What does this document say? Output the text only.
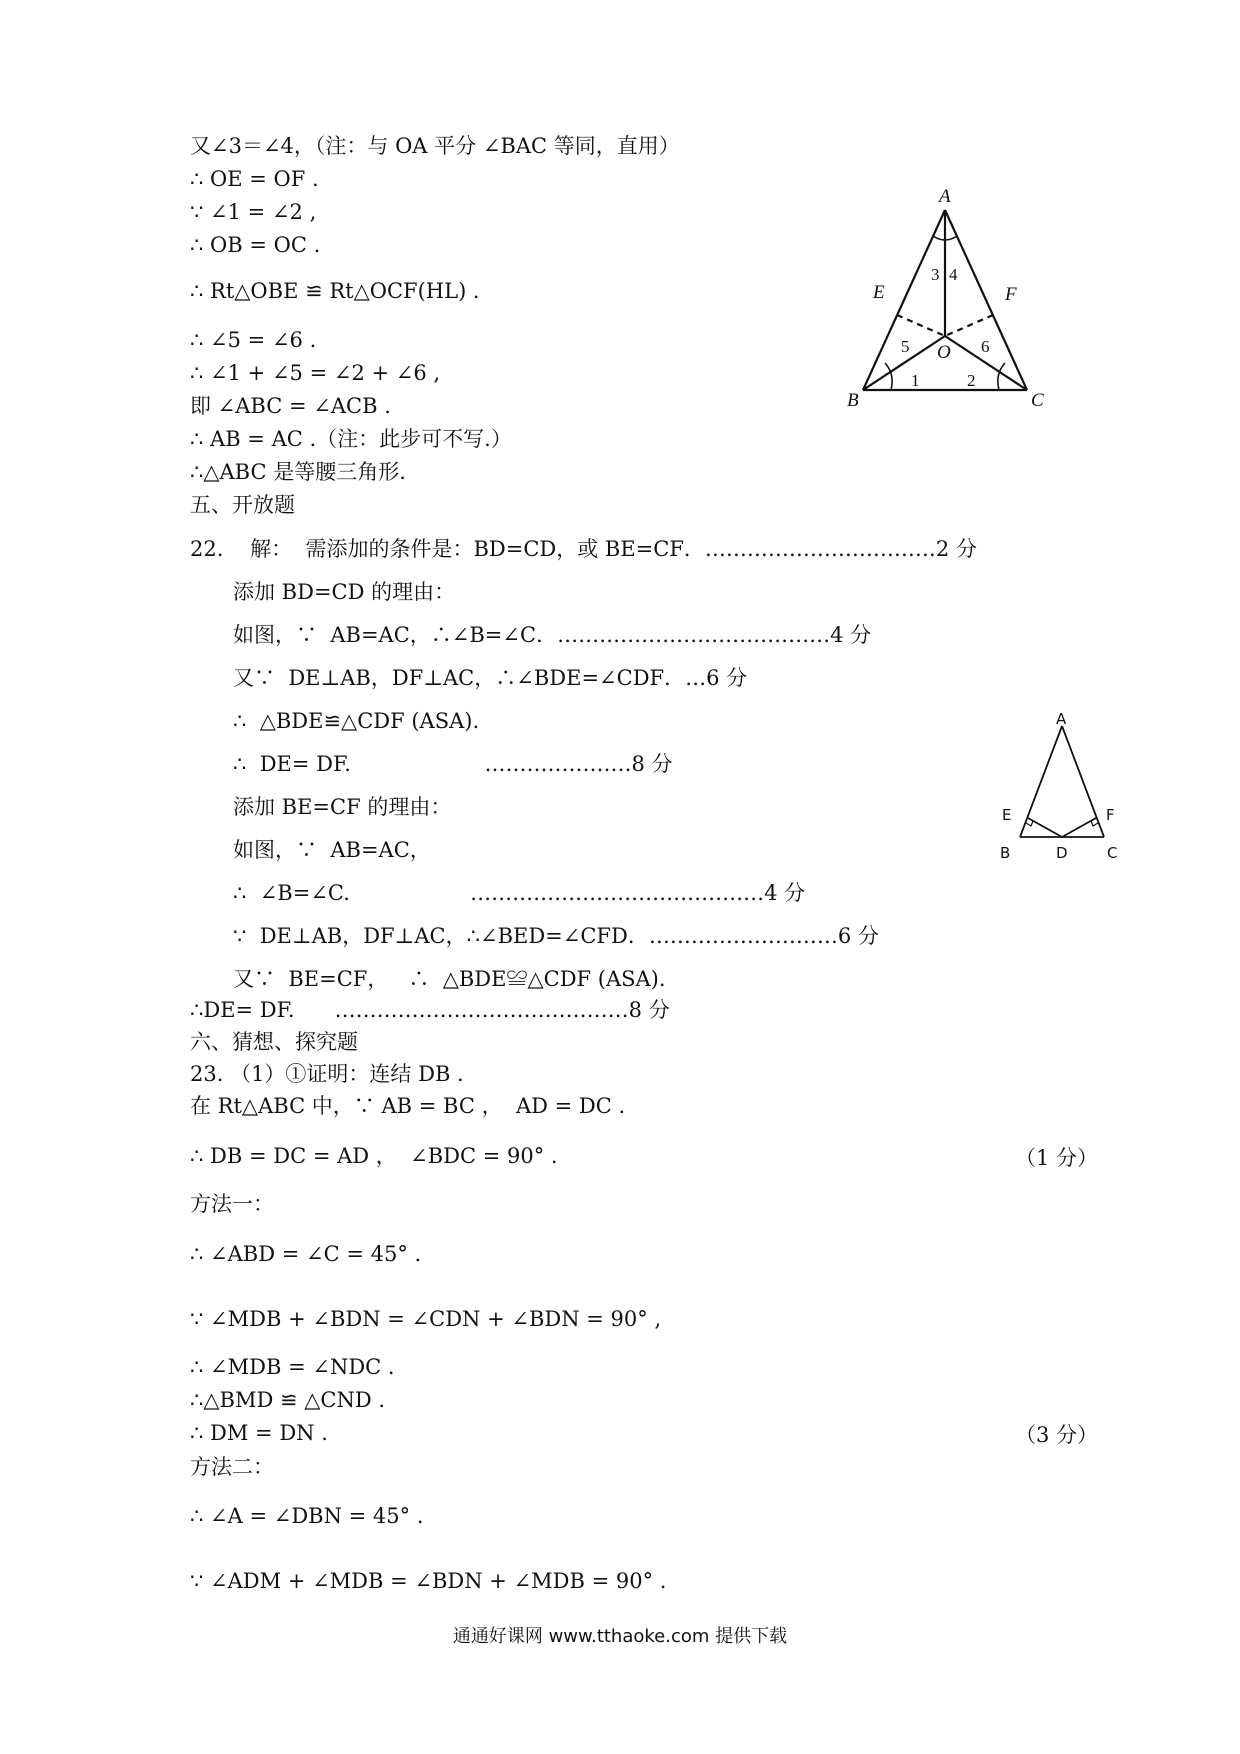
又∠3＝∠4，（注：与 OA 平分 ∠BAC 等同，直用）
∴ OE = OF .
∵ ∠1 = ∠2 ,
∴ OB = OC .
∴ Rt△OBE ≌ Rt△OCF(HL) .
∴ ∠5 = ∠6 .
∴ ∠1 + ∠5 = ∠2 + ∠6 ,
即 ∠ABC = ∠ACB .
∴ AB = AC .（注：此步可不写.）
∴△ABC 是等腰三角形.
五、开放题
22.    解：  需添加的条件是：BD=CD，或 BE=CF．……………………………2 分
添加 BD=CD 的理由：
如图，∵  AB=AC，∴∠B=∠C．…………………………………4 分
又∵  DE⊥AB，DF⊥AC，∴∠BDE=∠CDF．…6 分
∴  △BDE≌△CDF (ASA).
∴  DE= DF.                    …………………8 分
添加 BE=CF 的理由：
如图，∵  AB=AC，
∴  ∠B=∠C.                  ……………………………………4 分
∵  DE⊥AB，DF⊥AC，∴∠BED=∠CFD．………………………6 分
又∵  BE=CF，   ∴  △BDE≌△CDF (ASA).
∴DE= DF.      ……………………………………8 分
六、猜想、探究题
23. （1）①证明：连结 DB .
在 Rt△ABC 中，∵ AB = BC ，  AD = DC .
∴ DB = DC = AD ，  ∠BDC = 90° .
方法一：
∴ ∠ABD = ∠C = 45° .
∵ ∠MDB + ∠BDN = ∠CDN + ∠BDN = 90° ,
∴ ∠MDB = ∠NDC .
∴△BMD ≌ △CND .
∴ DM = DN .
方法二：
∴ ∠A = ∠DBN = 45° .
∵ ∠ADM + ∠MDB = ∠BDN + ∠MDB = 90° .
（1 分）
（3 分）
A
B	C
E	F
O
3 4
5	6
1	2
A
B	C
D
E	F
通通好课网 www.tthaoke.com 提供下载
